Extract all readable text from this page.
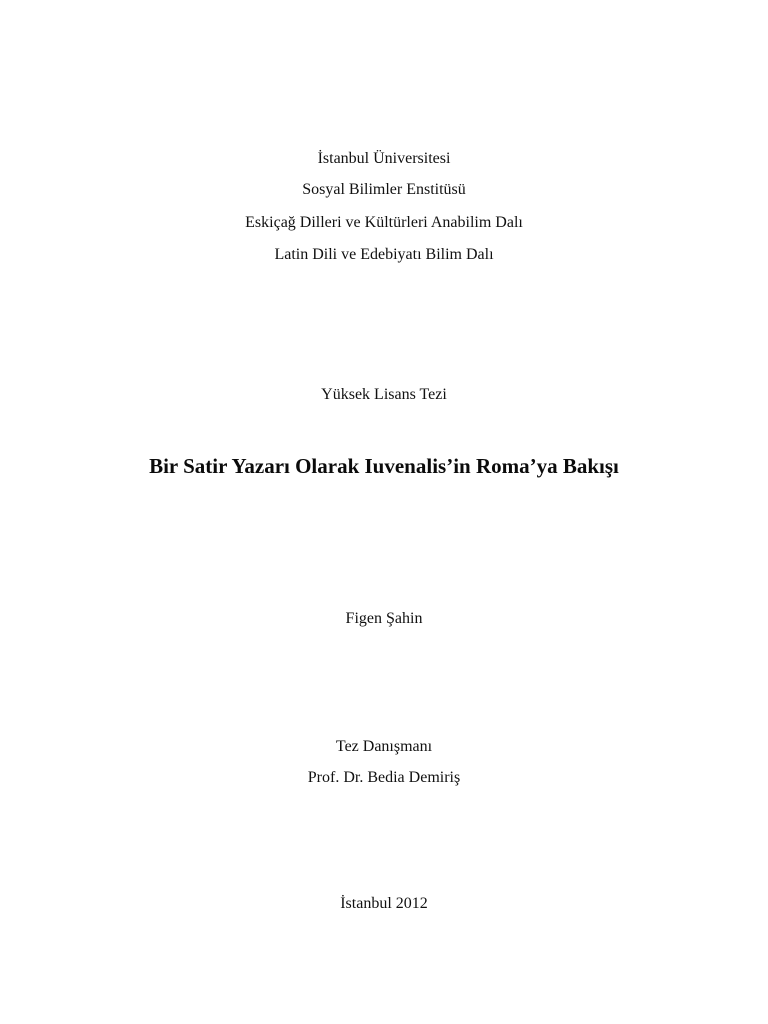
İstanbul Üniversitesi
Sosyal Bilimler Enstitüsü
Eskiçağ Dilleri ve Kültürleri Anabilim Dalı
Latin Dili ve Edebiyatı Bilim Dalı
Yüksek Lisans Tezi
Bir Satir Yazarı Olarak Iuvenalis’in Roma’ya Bakışı
Figen Şahin
Tez Danışmanı
Prof. Dr. Bedia Demiriş
İstanbul 2012
